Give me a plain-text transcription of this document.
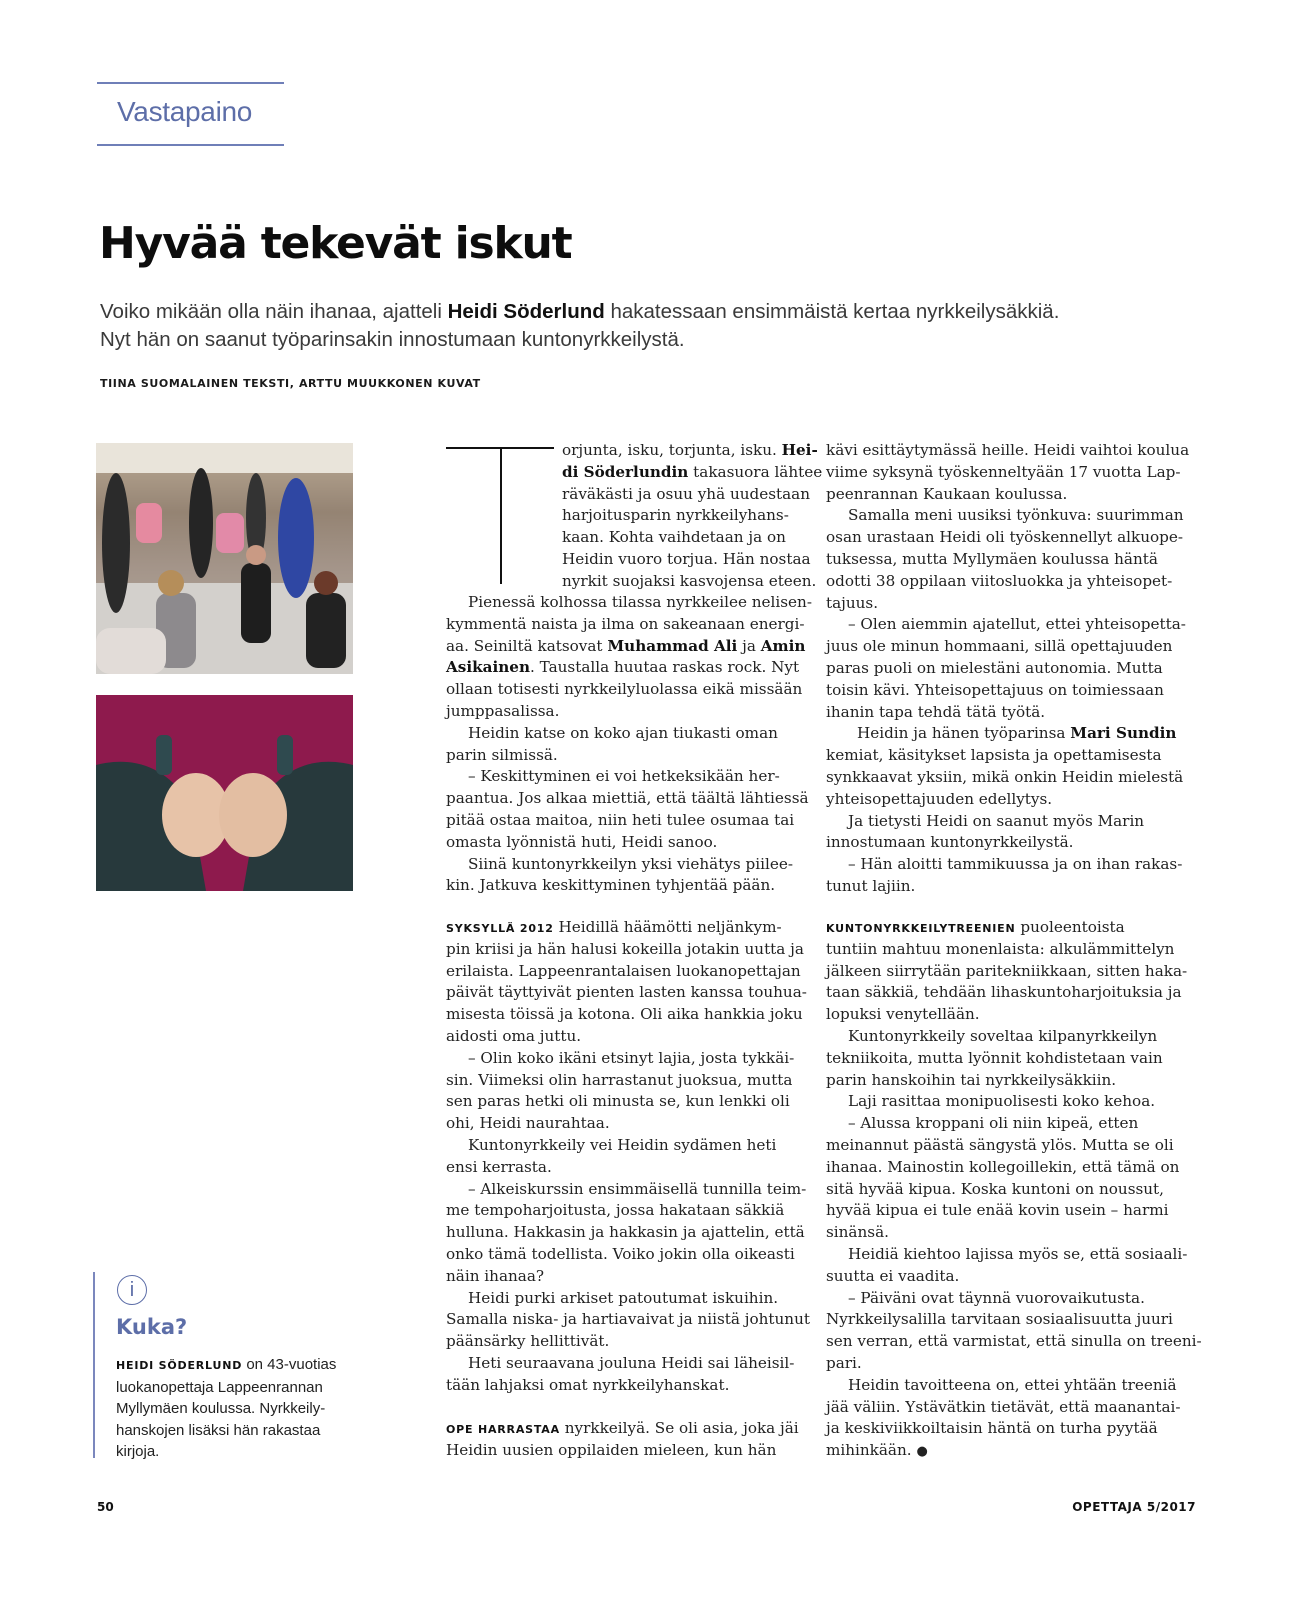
Vastapaino
Hyvää tekevät iskut
Voiko mikään olla näin ihanaa, ajatteli Heidi Söderlund hakatessaan ensimmäistä kertaa nyrkkeilysäkkiä.
Nyt hän on saanut työparinsakin innostumaan kuntonyrkkeilystä.
TIINA SUOMALAINEN TEKSTI, ARTTU MUUKKONEN KUVAT
orjunta, isku, torjunta, isku. Hei-
di Söderlundin takasuora lähtee
räväkästi ja osuu yhä uudestaan
harjoitusparin nyrkkeilyhans-
kaan. Kohta vaihdetaan ja on
Heidin vuoro torjua. Hän nostaa
nyrkit suojaksi kasvojensa eteen.
Pienessä kolhossa tilassa nyrkkeilee nelisen-
kymmentä naista ja ilma on sakeanaan energi-
aa. Seiniltä katsovat Muhammad Ali ja Amin
Asikainen. Taustalla huutaa raskas rock. Nyt
ollaan totisesti nyrkkeilyluolassa eikä missään
jumppasalissa.
Heidin katse on koko ajan tiukasti oman
parin silmissä.
– Keskittyminen ei voi hetkeksikään her-
paantua. Jos alkaa miettiä, että täältä lähtiessä
pitää ostaa maitoa, niin heti tulee osumaa tai
omasta lyönnistä huti, Heidi sanoo.
Siinä kuntonyrkkeilyn yksi viehätys piilee-
kin. Jatkuva keskittyminen tyhjentää pään.
SYKSYLLÄ 2012 Heidillä häämötti neljänkym-
pin kriisi ja hän halusi kokeilla jotakin uutta ja
erilaista. Lappeenrantalaisen luokanopettajan
päivät täyttyivät pienten lasten kanssa touhua-
misesta töissä ja kotona. Oli aika hankkia joku
aidosti oma juttu.
– Olin koko ikäni etsinyt lajia, josta tykkäi-
sin. Viimeksi olin harrastanut juoksua, mutta
sen paras hetki oli minusta se, kun lenkki oli
ohi, Heidi naurahtaa.
Kuntonyrkkeily vei Heidin sydämen heti
ensi kerrasta.
– Alkeiskurssin ensimmäisellä tunnilla teim-
me tempoharjoitusta, jossa hakataan säkkiä
hulluna. Hakkasin ja hakkasin ja ajattelin, että
onko tämä todellista. Voiko jokin olla oikeasti
näin ihanaa?
Heidi purki arkiset patoutumat iskuihin.
Samalla niska- ja hartiavaivat ja niistä johtunut
päänsärky hellittivät.
Heti seuraavana jouluna Heidi sai läheisil-
tään lahjaksi omat nyrkkeilyhanskat.
OPE HARRASTAA nyrkkeilyä. Se oli asia, joka jäi
Heidin uusien oppilaiden mieleen, kun hän
kävi esittäytymässä heille. Heidi vaihtoi koulua
viime syksynä työskenneltyään 17 vuotta Lap-
peenrannan Kaukaan koulussa.
Samalla meni uusiksi työnkuva: suurimman
osan urastaan Heidi oli työskennellyt alkuope-
tuksessa, mutta Myllymäen koulussa häntä
odotti 38 oppilaan viitosluokka ja yhteisopet-
tajuus.
– Olen aiemmin ajatellut, ettei yhteisopetta-
juus ole minun hommaani, sillä opettajuuden
paras puoli on mielestäni autonomia. Mutta
toisin kävi. Yhteisopettajuus on toimiessaan
ihanin tapa tehdä tätä työtä.
Heidin ja hänen työparinsa Mari Sundin
kemiat, käsitykset lapsista ja opettamisesta
synkkaavat yksiin, mikä onkin Heidin mielestä
yhteisopettajuuden edellytys.
Ja tietysti Heidi on saanut myös Marin
innostumaan kuntonyrkkeilystä.
– Hän aloitti tammikuussa ja on ihan rakas-
tunut lajiin.
KUNTONYRKKEILYTREENIEN puoleentoista
tuntiin mahtuu monenlaista: alkulämmittelyn
jälkeen siirrytään paritekniikkaan, sitten haka-
taan säkkiä, tehdään lihaskuntoharjoituksia ja
lopuksi venytellään.
Kuntonyrkkeily soveltaa kilpanyrkkeilyn
tekniikoita, mutta lyönnit kohdistetaan vain
parin hanskoihin tai nyrkkeilysäkkiin.
Laji rasittaa monipuolisesti koko kehoa.
– Alussa kroppani oli niin kipeä, etten
meinannut päästä sängystä ylös. Mutta se oli
ihanaa. Mainostin kollegoillekin, että tämä on
sitä hyvää kipua. Koska kuntoni on noussut,
hyvää kipua ei tule enää kovin usein – harmi
sinänsä.
Heidiä kiehtoo lajissa myös se, että sosiaali-
suutta ei vaadita.
– Päiväni ovat täynnä vuorovaikutusta.
Nyrkkeilysalilla tarvitaan sosiaalisuutta juuri
sen verran, että varmistat, että sinulla on treeni-
pari.
Heidin tavoitteena on, ettei yhtään treeniä
jää väliin. Ystävätkin tietävät, että maanantai-
ja keskiviikkoiltaisin häntä on turha pyytää
mihinkään. ●
i
Kuka?
HEIDI SÖDERLUND on 43-vuotias
luokanopettaja Lappeenrannan
Myllymäen koulussa. Nyrkkeily-
hanskojen lisäksi hän rakastaa
kirjoja.
50	OPETTAJA 5/2017
